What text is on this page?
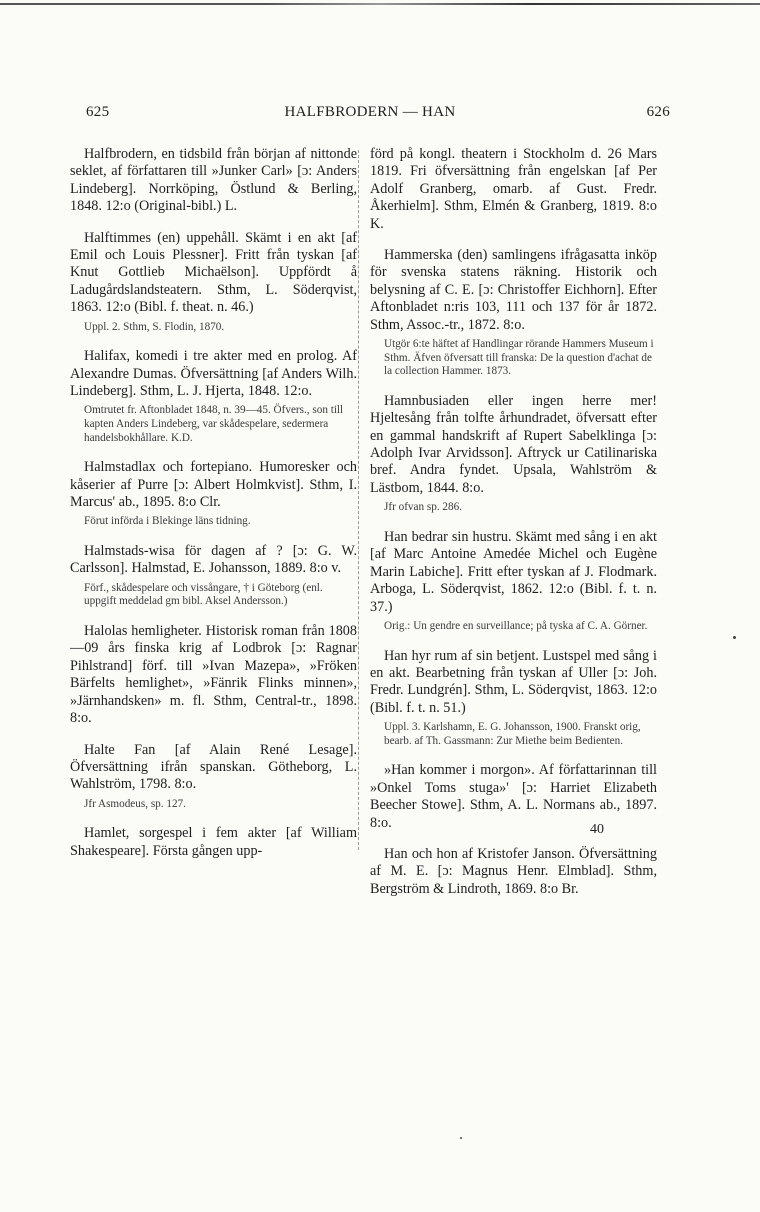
625	HALFBRODERN — HAN	626
Halfbrodern, en tidsbild från början af nittonde seklet, af författaren till »Junker Carl» [ɔ: Anders Lindeberg]. Norrköping, Östlund & Berling, 1848. 12:o (Original-bibl.) L.
Halftimmes (en) uppehåll. Skämt i en akt [af Emil och Louis Plessner]. Fritt från tyskan [af Knut Gottlieb Michaëlson]. Uppfördt å Ladugårdslandsteatern. Sthm, L. Söderqvist, 1863. 12:o (Bibl. f. theat. n. 46.)
Uppl. 2. Sthm, S. Flodin, 1870.
Halifax, komedi i tre akter med en prolog. Af Alexandre Dumas. Öfversättning [af Anders Wilh. Lindeberg]. Sthm, L. J. Hjerta, 1848. 12:o.
Omtrutet fr. Aftonbladet 1848, n. 39—45. Öfvers., son till kapten Anders Lindeberg, var skådespelare, sedermera handelsbokhållare. K.D.
Halmstadlax och fortepiano. Humoresker och kåserier af Purre [ɔ: Albert Holmkvist]. Sthm, I. Marcus' ab., 1895. 8:o Clr.
Förut införda i Blekinge läns tidning.
Halmstads-wisa för dagen af ? [ɔ: G. W. Carlsson]. Halmstad, E. Johansson, 1889. 8:o v.
Förf., skådespelare och vissångare, † i Göteborg (enl. uppgift meddelad gm bibl. Aksel Andersson.)
Halolas hemligheter. Historisk roman från 1808—09 års finska krig af Lodbrok [ɔ: Ragnar Pihlstrand] förf. till »Ivan Mazepa», »Fröken Bärfelts hemlighet», »Fänrik Flinks minnen», »Järnhandsken» m. fl. Sthm, Central-tr., 1898. 8:o.
Halte Fan [af Alain René Lesage]. Öfversättning ifrån spanskan. Götheborg, L. Wahlström, 1798. 8:o.
Jfr Asmodeus, sp. 127.
Hamlet, sorgespel i fem akter [af William Shakespeare]. Första gången upp-
förd på kongl. theatern i Stockholm d. 26 Mars 1819. Fri öfversättning från engelskan [af Per Adolf Granberg, omarb. af Gust. Fredr. Åkerhielm]. Sthm, Elmén & Granberg, 1819. 8:o K.
Hammerska (den) samlingens ifrågasatta inköp för svenska statens räkning. Historik och belysning af C. E. [ɔ: Christoffer Eichhorn]. Efter Aftonbladet n:ris 103, 111 och 137 för år 1872. Sthm, Assoc.-tr., 1872. 8:o.
Utgör 6:te häftet af Handlingar rörande Hammers Museum i Sthm. Äfven öfversatt till franska: De la question d'achat de la collection Hammer. 1873.
Hamnbusiaden eller ingen herre mer! Hjeltesång från tolfte århundradet, öfversatt efter en gammal handskrift af Rupert Sabelklinga [ɔ: Adolph Ivar Arvidsson]. Aftryck ur Catilinariska bref. Andra fyndet. Upsala, Wahlström & Lästbom, 1844. 8:o.
Jfr ofvan sp. 286.
Han bedrar sin hustru. Skämt med sång i en akt [af Marc Antoine Amedée Michel och Eugène Marin Labiche]. Fritt efter tyskan af J. Flodmark. Arboga, L. Söderqvist, 1862. 12:o (Bibl. f. t. n. 37.)
Orig.: Un gendre en surveillance; på tyska af C. A. Görner.
Han hyr rum af sin betjent. Lustspel med sång i en akt. Bearbetning från tyskan af Uller [ɔ: Joh. Fredr. Lundgrén]. Sthm, L. Söderqvist, 1863. 12:o (Bibl. f. t. n. 51.)
Uppl. 3. Karlshamn, E. G. Johansson, 1900. Franskt orig, bearb. af Th. Gassmann: Zur Miethe beim Bedienten.
»Han kommer i morgon». Af författarinnan till »Onkel Toms stuga»' [ɔ: Harriet Elizabeth Beecher Stowe]. Sthm, A. L. Normans ab., 1897. 8:o.
Han och hon af Kristofer Janson. Öfversättning af M. E. [ɔ: Magnus Henr. Elmblad]. Sthm, Bergström & Lindroth, 1869. 8:o Br.
40
